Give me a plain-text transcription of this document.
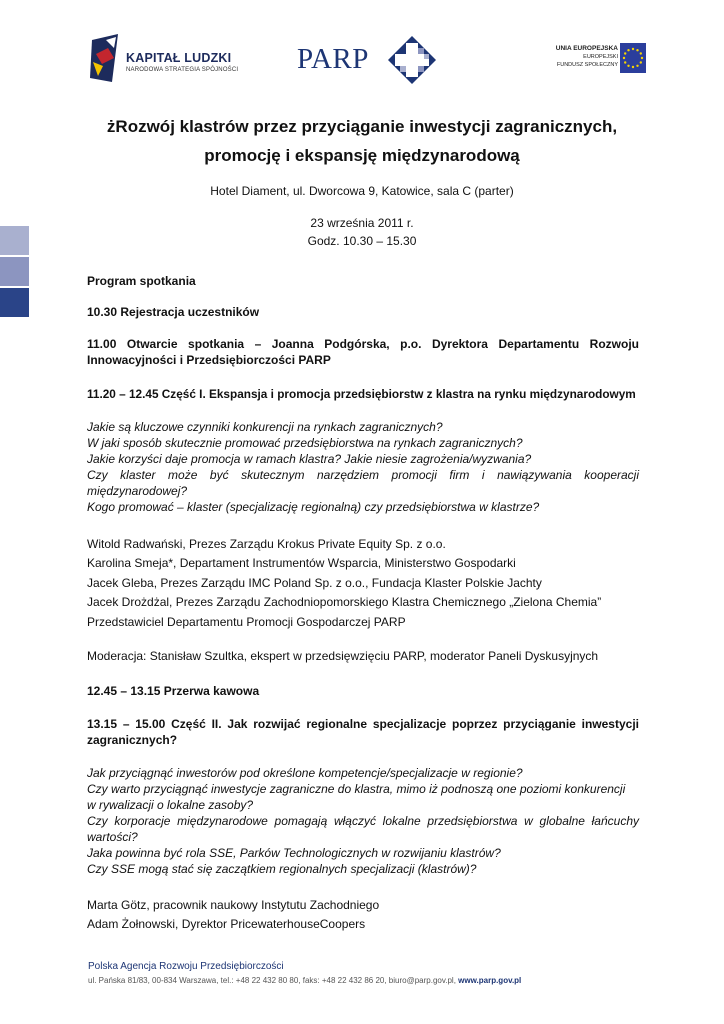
KAPITAŁ LUDZKI
NARODOWA STRATEGIA SPÓJNOŚCI PARP	UNIA EUROPEJSKA
EUROPEJSKI
FUNDUSZ SPOŁECZNY
żRozwój klastrów przez przyciąganie inwestycji zagranicznych,
promocję i ekspansję międzynarodową
Hotel Diament, ul. Dworcowa 9, Katowice, sala C (parter)
23 września 2011 r.
Godz. 10.30 – 15.30
Program spotkania
10.30 Rejestracja uczestników
11.00 Otwarcie spotkania – Joanna Podgórska, p.o. Dyrektora Departamentu Rozwoju
Innowacyjności i Przedsiębiorczości PARP
11.20 – 12.45 Część I. Ekspansja i promocja przedsiębiorstw z klastra na rynku międzynarodowym
Jakie są kluczowe czynniki konkurencji na rynkach zagranicznych?
W jaki sposób skutecznie promować przedsiębiorstwa na rynkach zagranicznych?
Jakie korzyści daje promocja w ramach klastra? Jakie niesie zagrożenia/wyzwania?
Czy klaster może być skutecznym narzędziem promocji firm i nawiązywania kooperacji
międzynarodowej?
Kogo promować – klaster (specjalizację regionalną) czy przedsiębiorstwa w klastrze?
Witold Radwański, Prezes Zarządu Krokus Private Equity Sp. z o.o.
Karolina Smeja*, Departament Instrumentów Wsparcia, Ministerstwo Gospodarki
Jacek Gleba, Prezes Zarządu IMC Poland Sp. z o.o., Fundacja Klaster Polskie Jachty
Jacek Drożdżal, Prezes Zarządu Zachodniopomorskiego Klastra Chemicznego „Zielona Chemia”
Przedstawiciel Departamentu Promocji Gospodarczej PARP
Moderacja: Stanisław Szultka, ekspert w przedsięwzięciu PARP, moderator Paneli Dyskusyjnych
12.45 – 13.15 Przerwa kawowa
13.15 – 15.00 Część II. Jak rozwijać regionalne specjalizacje poprzez przyciąganie inwestycji
zagranicznych?
Jak przyciągnąć inwestorów pod określone kompetencje/specjalizacje w regionie?
Czy warto przyciągnąć inwestycje zagraniczne do klastra, mimo iż podnoszą one poziomi konkurencji
w rywalizacji o lokalne zasoby?
Czy korporacje międzynarodowe pomagają włączyć lokalne przedsiębiorstwa w globalne łańcuchy
wartości?
Jaka powinna być rola SSE, Parków Technologicznych w rozwijaniu klastrów?
Czy SSE mogą stać się zaczątkiem regionalnych specjalizacji (klastrów)?
Marta Götz, pracownik naukowy Instytutu Zachodniego
Adam Żołnowski, Dyrektor PricewaterhouseCoopers
Polska Agencja Rozwoju Przedsiębiorczości
ul. Pańska 81/83, 00-834 Warszawa, tel.: +48 22 432 80 80, faks: +48 22 432 86 20, biuro@parp.gov.pl, www.parp.gov.pl
